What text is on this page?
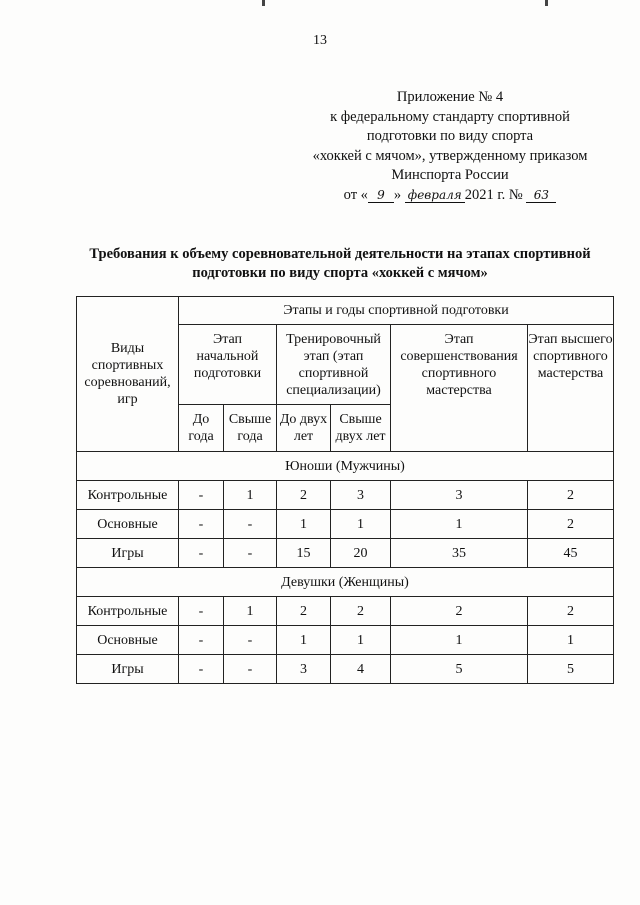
13
Приложение № 4
к федеральному стандарту спортивной
подготовки по виду спорта
«хоккей с мячом», утвержденному приказом
Минспорта России
от « 9 » февраля 2021 г. № 63
Требования к объему соревновательной деятельности на этапах спортивной
подготовки по виду спорта «хоккей с мячом»
Виды спортивных соревнований, игр	Этапы и годы спортивной подготовки					
	Этап начальной подготовки		Тренировочный этап (этап спортивной специализации)		Этап совершенствования спортивного мастерства	Этап высшего спортивного мастерства
	До года	Свыше года	До двух лет	Свыше двух лет		
Юноши (Мужчины)						
Контрольные	-	1	2	3	3	2
Основные	-	-	1	1	1	2
Игры	-	-	15	20	35	45
Девушки (Женщины)						
Контрольные	-	1	2	2	2	2
Основные	-	-	1	1	1	1
Игры	-	-	3	4	5	5
